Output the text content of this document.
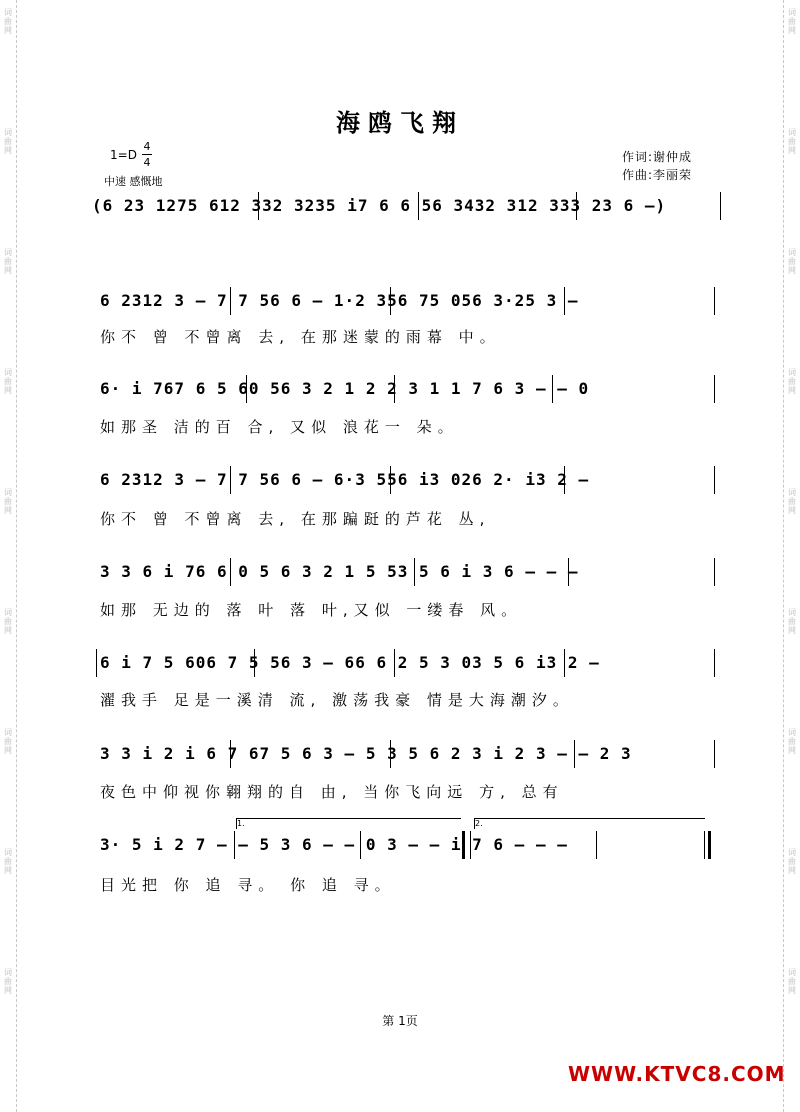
词
曲
网
词
曲
网
词
曲
网
词
曲
网
词
曲
网
词
曲
网
词
曲
网
词
曲
网
词
曲
网
词
曲
网
词
曲
网
词
曲
网
词
曲
网
词
曲
网
词
曲
网
词
曲
网
词
曲
网
词
曲
网
海鸥飞翔
1=D
4
4
中速 感慨地
作词:谢仲成
作曲:李丽荣
(6 23 1275 612 332 3235 i7 6 6 56 3432 312 333 23 6 –)
6 2312 3 – 7 7 56 6 – 1·2 356 75 056 3·25 3 –
你不 曾 不曾离 去, 在那迷蒙的雨幕 中。
6· i 767 6 5 60 56 3 2 1 2 2 3 1 1 7 6 3 – – 0
如那圣 洁的百 合, 又似 浪花一 朵。
6 2312 3 – 7 7 56 6 – 6·3 556 i3 026 2· i3 2 –
你不 曾 不曾离 去, 在那蹁跹的芦花 丛,
3 3 6 i 76 6 0 5 6 3 2 1 5 53 5 6 i 3 6 – – –
如那 无边的 落 叶 落 叶,又似 一缕春 风。
6 i 7 5 606 7 5 56 3 – 66 6 2 5 3 03 5 6 i3 2 –
濯我手 足是一溪清 流, 激荡我豪 情是大海潮汐。
3 3 i 2 i 6 7 67 5 6 3 – 5 3 5 6 2 3 i 2 3 – – 2 3
夜色中仰视你翱翔的自 由, 当你飞向远 方, 总有
1.	2.
3· 5 i 2 7 – – 5 3 6 – – 0 3 – – i 7 6 – – –
目光把 你 追 寻。 你 追 寻。
第 1页
WWW.KTVC8.COM
